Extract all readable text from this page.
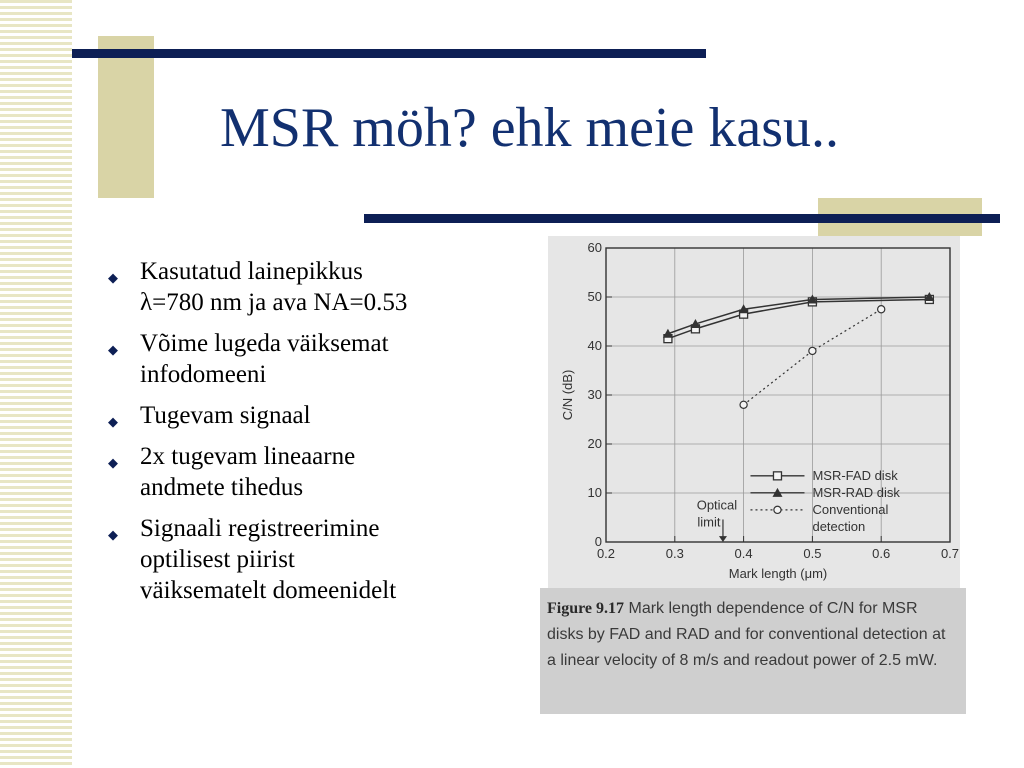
MSR möh? ehk meie kasu..
◆ Kasutatud lainepikkus
λ=780 nm ja ava NA=0.53
◆ Võime lugeda väiksemat
infodomeeni
◆ Tugevam signaal
◆ 2x tugevam lineaarne
andmete tihedus
◆ Signaali registreerimine
optilisest piirist
väiksematelt domeenidelt
0.2	0.3	0.4	0.5	0.6	0.7
0
10
20
30
40
50
60
Mark length (μm)
C/N (dB)
MSR-FAD disk
MSR-RAD disk
Conventional
detection
Optical
limit
Figure 9.17 Mark length dependence of C/N for MSR disks by FAD and RAD and for conventional detection at a linear velocity of 8 m/s and readout power of 2.5 mW.
